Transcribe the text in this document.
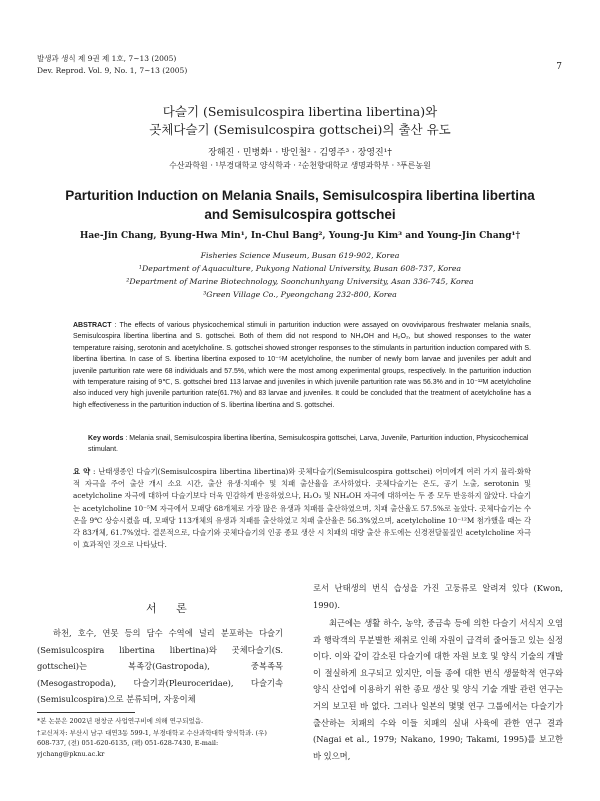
발생과 생식 제 9권 제 1호, 7~13 (2005)
Dev. Reprod. Vol. 9, No. 1, 7~13 (2005)	7
다슬기 (Semisulcospira libertina libertina)와
곳체다슬기 (Semisulcospira gottschei)의 출산 유도
장해진 · 민병화¹ · 방인철² · 김영주³ · 장영진¹†
수산과학원 · ¹부경대학교 양식학과 · ²순천향대학교 생명과학부 · ³푸른농원
Parturition Induction on Melania Snails, Semisulcospira libertina libertina
and Semisulcospira gottschei
Hae-Jin Chang, Byung-Hwa Min¹, In-Chul Bang², Young-Ju Kim³ and Young-Jin Chang¹†
Fisheries Science Museum, Busan 619-902, Korea
¹Department of Aquaculture, Pukyong National University, Busan 608-737, Korea
²Department of Marine Biotechnology, Soonchunhyang University, Asan 336-745, Korea
³Green Village Co., Pyeongchang 232-800, Korea
ABSTRACT : The effects of various physicochemical stimuli in parturition induction were assayed on ovoviviparous freshwater melania snails, Semisulcospira libertina libertina and S. gottschei. Both of them did not respond to NH₄OH and H₂O₂, but showed responses to the water temperature raising, serotonin and acetylcholine. S. gottschei showed stronger responses to the stimulants in parturition induction compared with S. libertina libertina. In case of S. libertina libertina exposed to 10⁻⁵M acetylcholine, the number of newly born larvae and juveniles per adult and juvenile parturition rate were 68 individuals and 57.5%, which were the most among experimental groups, respectively. In the parturition induction with temperature raising of 9℃, S. gottschei bred 113 larvae and juveniles in which juvenile parturition rate was 56.3% and in 10⁻¹²M acetylcholine also induced very high juvenile parturition rate(61.7%) and 83 larvae and juveniles. It could be concluded that the treatment of acetylcholine has a high effectiveness in the parturition induction of S. libertina libertina and S. gottschei.
Key words : Melania snail, Semisulcospira libertina libertina, Semisulcospira gottschei, Larva, Juvenile, Parturition induction, Physicochemical stimulant.
요 약 : 난태생종인 다슬기(Semisulcospira libertina libertina)와 곳체다슬기(Semisulcospira gottschei) 어미에게 여러 가지 물리·화학적 자극을 주어 출산 개시 소요 시간, 출산 유생·치패수 및 치패 출산율을 조사하였다. 곳체다슬기는 온도, 공기 노출, serotonin 및 acetylcholine 자극에 대하여 다슬기보다 더욱 민감하게 반응하였으나, H₂O₂ 및 NH₄OH 자극에 대하여는 두 종 모두 반응하지 않았다. 다슬기는 acetylcholine 10⁻⁵M 자극에서 모패당 68개체로 가장 많은 유생과 치패를 출산하였으며, 치패 출산율도 57.5%로 높았다. 곳체다슬기는 수온을 9℃ 상승시켰을 때, 모패당 113개체의 유생과 치패를 출산하였고 치패 출산율은 56.3%였으며, acetylcholine 10⁻¹²M 첨가했을 때는 각각 83개체, 61.7%였다. 결론적으로, 다슬기와 곳체다슬기의 인공 종묘 생산 시 치패의 대량 출산 유도에는 신경전달물질인 acetylcholine 자극이 효과적인 것으로 나타났다.
서 론
하천, 호수, 연못 등의 담수 수역에 널리 분포하는 다슬기(Semisulcospira libertina libertina)와 곳체다슬기(S. gottschei)는 복족강(Gastropoda), 중복족목(Mesogastropoda), 다슬기과(Pleuroceridae), 다슬기속(Semisulcospira)으로 분류되며, 자웅이체
*본 논문은 2002년 평창군 사업연구비에 의해 연구되었음.
†교신저자: 부산시 남구 대연3동 599-1, 부경대학교 수산과학대학 양식학과. (우) 608-737, (전) 051-620-6135, (팩) 051-628-7430, E-mail: yjchang@pknu.ac.kr
로서 난태생의 번식 습성을 가진 고둥류로 알려져 있다 (Kwon, 1990).
최근에는 생활 하수, 농약, 중금속 등에 의한 다슬기 서식지 오염과 행락객의 무분별한 채취로 인해 자원이 급격히 줄어들고 있는 실정이다. 이와 같이 감소된 다슬기에 대한 자원 보호 및 양식 기술의 개발이 절실하게 요구되고 있지만, 이들 종에 대한 번식 생물학적 연구와 양식 산업에 이용하기 위한 종묘 생산 및 양식 기술 개발 관련 연구는 거의 보고된 바 없다. 그러나 일본의 몇몇 연구 그룹에서는 다슬기가 출산하는 치패의 수와 이들 치패의 실내 사육에 관한 연구 결과(Nagai et al., 1979; Nakano, 1990; Takami, 1995)를 보고한 바 있으며,
